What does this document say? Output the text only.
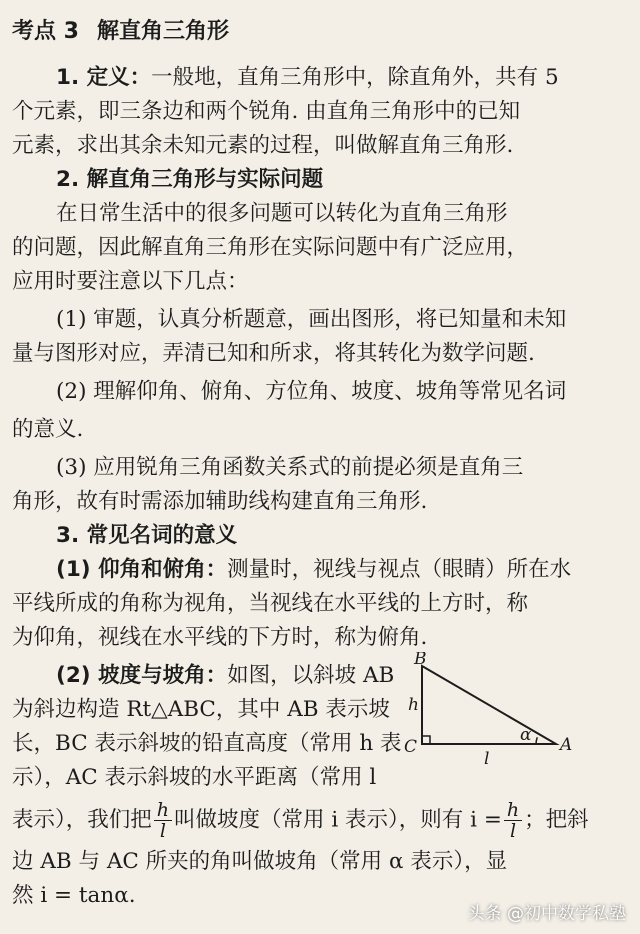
考点 3 解直角三角形
1. 定义：一般地，直角三角形中，除直角外，共有 5
个元素，即三条边和两个锐角. 由直角三角形中的已知
元素，求出其余未知元素的过程，叫做解直角三角形.
2. 解直角三角形与实际问题
在日常生活中的很多问题可以转化为直角三角形
的问题，因此解直角三角形在实际问题中有广泛应用，
应用时要注意以下几点：
(1) 审题，认真分析题意，画出图形，将已知量和未知
量与图形对应，弄清已知和所求，将其转化为数学问题.
(2) 理解仰角、俯角、方位角、坡度、坡角等常见名词
的意义.
(3) 应用锐角三角函数关系式的前提必须是直角三
角形，故有时需添加辅助线构建直角三角形.
3. 常见名词的意义
(1) 仰角和俯角：测量时，视线与视点（眼睛）所在水
平线所成的角称为视角，当视线在水平线的上方时，称
为仰角，视线在水平线的下方时，称为俯角.
(2) 坡度与坡角：如图，以斜坡 AB
为斜边构造 Rt△ABC，其中 AB 表示坡
长，BC 表示斜坡的铅直高度（常用 h 表
示），AC 表示斜坡的水平距离（常用 l
表示），我们把 $\frac{h}{l}$ 叫做坡度（常用 i 表示），则有 $i = \frac{h}{l}$ ；把斜
边 AB 与 AC 所夹的角叫做坡角（常用 α 表示），显
然 i = tanα.
B
C	A
h
l
α
头条 @初中数学私塾
